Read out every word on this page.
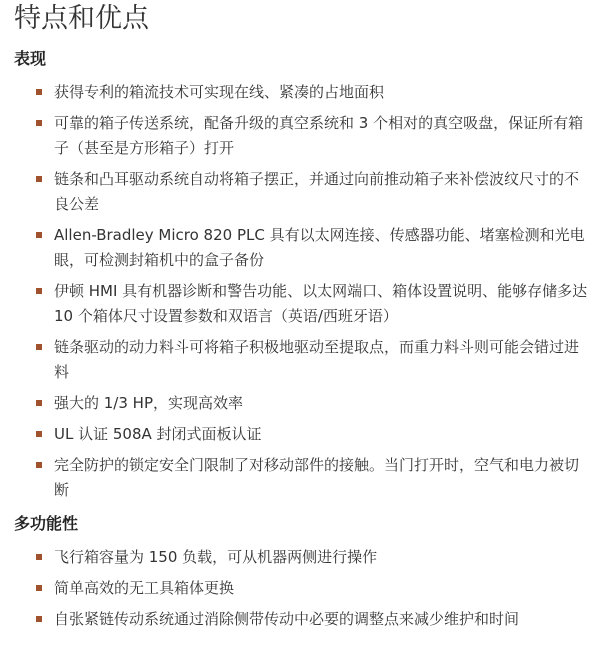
特点和优点
表现
获得专利的箱流技术可实现在线、紧凑的占地面积
可靠的箱子传送系统，配备升级的真空系统和 3 个相对的真空吸盘，保证所有箱子（甚至是方形箱子）打开
链条和凸耳驱动系统自动将箱子摆正，并通过向前推动箱子来补偿波纹尺寸的不良公差
Allen-Bradley Micro 820 PLC 具有以太网连接、传感器功能、堵塞检测和光电眼，可检测封箱机中的盒子备份
伊顿 HMI 具有机器诊断和警告功能、以太网端口、箱体设置说明、能够存储多达 10 个箱体尺寸设置参数和双语言（英语/西班牙语）
链条驱动的动力料斗可将箱子积极地驱动至提取点，而重力料斗则可能会错过进料
强大的 1/3 HP，实现高效率
UL 认证 508A 封闭式面板认证
完全防护的锁定安全门限制了对移动部件的接触。当门打开时，空气和电力被切断
多功能性
飞行箱容量为 150 负载，可从机器两侧进行操作
简单高效的无工具箱体更换
自张紧链传动系统通过消除侧带传动中必要的调整点来减少维护和时间
